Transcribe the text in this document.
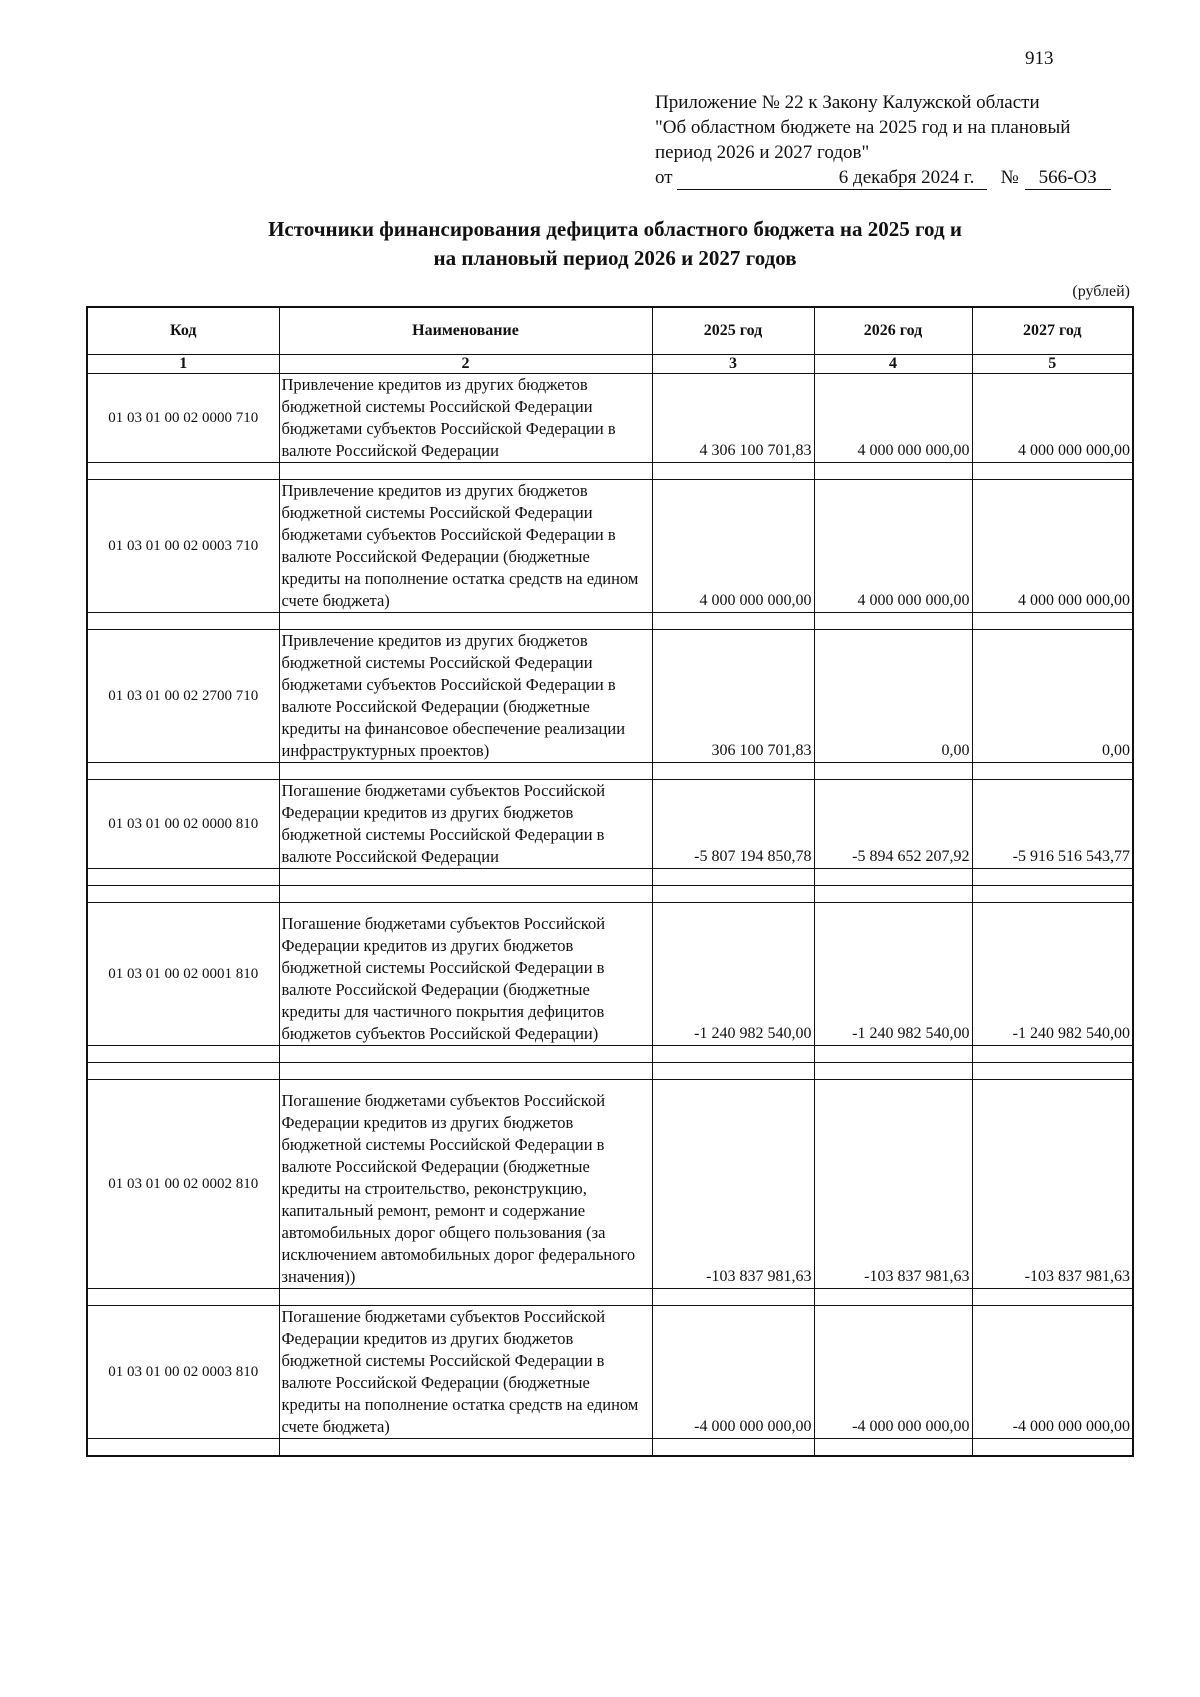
913
Приложение № 22 к Закону Калужской области
"Об областном бюджете на 2025 год и на плановый
период 2026 и 2027 годов"
от	6 декабря 2024 г.	№	566-ОЗ
Источники финансирования дефицита областного бюджета на 2025 год и
на плановый период 2026 и 2027 годов
(рублей)
Код	Наименование	2025 год	2026 год	2027 год
1	2	3	4	5
01 03 01 00 02 0000 710	Привлечение кредитов из других бюджетов бюджетной системы Российской Федерации бюджетами субъектов Российской Федерации в валюте Российской Федерации	4 306 100 701,83	4 000 000 000,00	4 000 000 000,00

01 03 01 00 02 0003 710	Привлечение кредитов из других бюджетов бюджетной системы Российской Федерации бюджетами субъектов Российской Федерации в валюте Российской Федерации (бюджетные кредиты на пополнение остатка средств на едином счете бюджета)	4 000 000 000,00	4 000 000 000,00	4 000 000 000,00

01 03 01 00 02 2700 710	Привлечение кредитов из других бюджетов бюджетной системы Российской Федерации бюджетами субъектов Российской Федерации в валюте Российской Федерации (бюджетные кредиты на финансовое обеспечение реализации инфраструктурных проектов)	306 100 701,83	0,00	0,00

01 03 01 00 02 0000 810	Погашение бюджетами субъектов Российской Федерации кредитов из других бюджетов бюджетной системы Российской Федерации в валюте Российской Федерации	-5 807 194 850,78	-5 894 652 207,92	-5 916 516 543,77

01 03 01 00 02 0001 810	Погашение бюджетами субъектов Российской Федерации кредитов из других бюджетов бюджетной системы Российской Федерации в валюте Российской Федерации (бюджетные кредиты для частичного покрытия дефицитов бюджетов субъектов Российской Федерации)	-1 240 982 540,00	-1 240 982 540,00	-1 240 982 540,00

01 03 01 00 02 0002 810	Погашение бюджетами субъектов Российской Федерации кредитов из других бюджетов бюджетной системы Российской Федерации в валюте Российской Федерации (бюджетные кредиты на строительство, реконструкцию, капитальный ремонт, ремонт и содержание автомобильных дорог общего пользования (за исключением автомобильных дорог федерального значения))	-103 837 981,63	-103 837 981,63	-103 837 981,63

01 03 01 00 02 0003 810	Погашение бюджетами субъектов Российской Федерации кредитов из других бюджетов бюджетной системы Российской Федерации в валюте Российской Федерации (бюджетные кредиты на пополнение остатка средств на едином счете бюджета)	-4 000 000 000,00	-4 000 000 000,00	-4 000 000 000,00
